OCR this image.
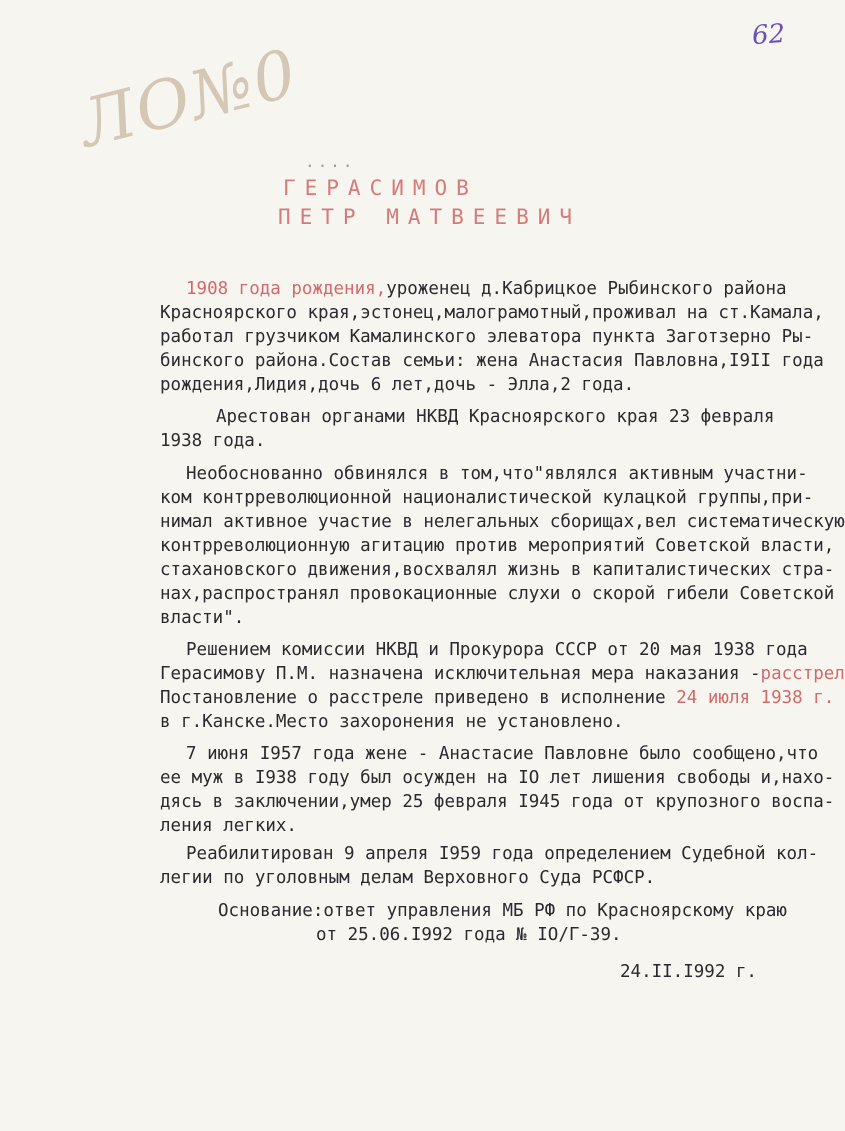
62
ЛО№0 ....
ГЕРАСИМОВ
ПЕТР МАТВЕЕВИЧ
1908 года рождения,уроженец д.Кабрицкое Рыбинского района
Красноярского края,эстонец,малограмотный,проживал на ст.Камала,
работал грузчиком Камалинского элеватора пункта Заготзерно Ры-
бинского района.Состав семьи: жена Анастасия Павловна,I9II года
рождения,Лидия,дочь 6 лет,дочь - Элла,2 года.
Арестован органами НКВД Красноярского края 23 февраля
1938 года.
Необоснованно обвинялся в том,что"являлся активным участни-
ком контрреволюционной националистической кулацкой группы,при-
нимал активное участие в нелегальных сборищах,вел систематическую
контрреволюционную агитацию против мероприятий Советской власти,
стахановского движения,восхвалял жизнь в капиталистических стра-
нах,распространял провокационные слухи о скорой гибели Советской
власти".
Решением комиссии НКВД и Прокурора СССР от 20 мая 1938 года
Герасимову П.М. назначена исключительная мера наказания -расстрел
Постановление о расстреле приведено в исполнение 24 июля 1938 г.
в г.Канске.Место захоронения не установлено.
7 июня I957 года жене - Анастасие Павловне было сообщено,что
ее муж в I938 году был осужден на IO лет лишения свободы и,нахо-
дясь в заключении,умер 25 февраля I945 года от крупозного воспа-
ления легких.
Реабилитирован 9 апреля I959 года определением Судебной кол-
легии по уголовным делам Верховного Суда РСФСР.
Основание:ответ управления МБ РФ по Красноярскому краю
от 25.06.I992 года № IO/Г-39.
24.II.I992 г.
